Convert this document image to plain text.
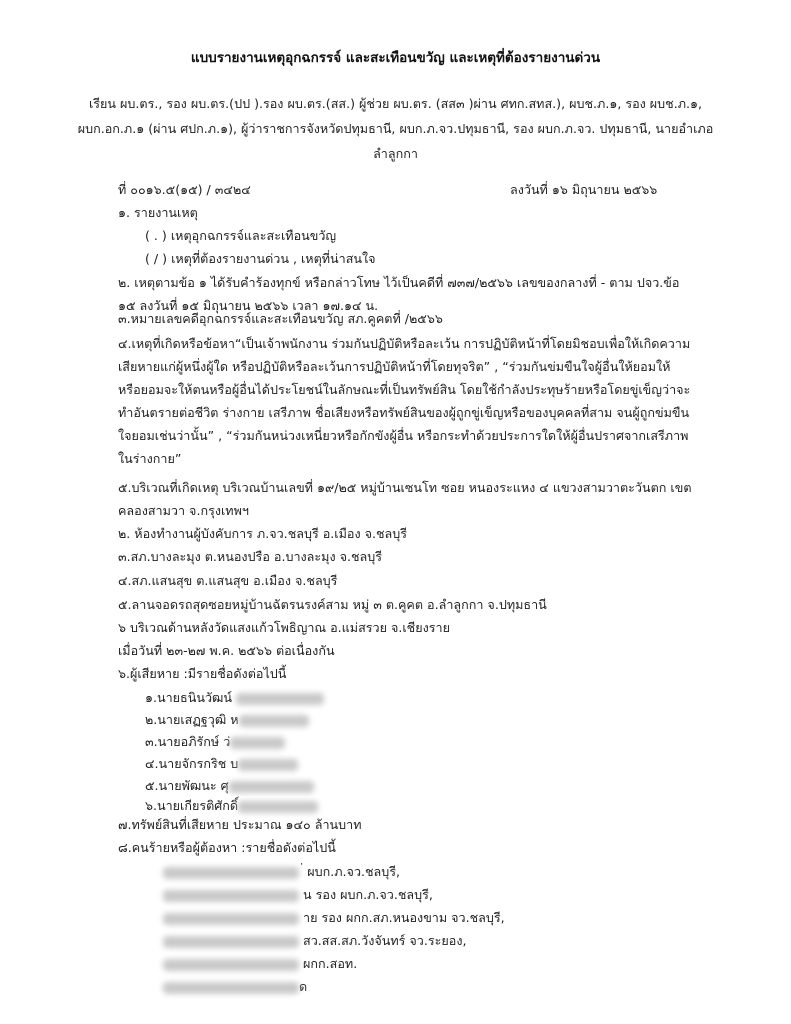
แบบรายงานเหตุอุกฉกรรจ์ และสะเทือนขวัญ และเหตุที่ต้องรายงานด่วน
เรียน ผบ.ตร., รอง ผบ.ตร.(ปป ).รอง ผบ.ตร.(สส.) ผู้ช่วย ผบ.ตร. (สส๓ )ผ่าน ศทก.สทส.), ผบช.ภ.๑, รอง ผบช.ภ.๑, ผบก.อก.ภ.๑ (ผ่าน ศปก.ภ.๑), ผู้ว่าราชการจังหวัดปทุมธานี, ผบก.ภ.จว.ปทุมธานี, รอง ผบก.ภ.จว. ปทุมธานี, นายอำเภอลำลูกกา
ที่ ๐๐๑๖.๕(๑๕) / ๓๔๒๔	ลงวันที่ ๑๖ มิถุนายน ๒๕๖๖
๑. รายงานเหตุ
( . ) เหตุอุกฉกรรจ์และสะเทือนขวัญ
( / ) เหตุที่ต้องรายงานด่วน , เหตุที่น่าสนใจ
๒. เหตุตามข้อ ๑ ได้รับคำร้องทุกข์ หรือกล่าวโทษ ไว้เป็นคดีที่ ๗๓๗/๒๕๖๖ เลขของกลางที่ - ตาม ปจว.ข้อ
๑๕ ลงวันที่ ๑๕ มิถุนายน ๒๕๖๖ เวลา ๑๗.๑๔ น.
๓.หมายเลขคดีอุกฉกรรจ์และสะเทือนขวัญ สภ.คูคตที่ /๒๕๖๖
๔.เหตุที่เกิดหรือข้อหา“เป็นเจ้าพนักงาน ร่วมกันปฏิบัติหรือละเว้น การปฏิบัติหน้าที่โดยมิชอบเพื่อให้เกิดความ
เสียหายแก่ผู้หนึ่งผู้ใด หรือปฏิบัติหรือละเว้นการปฏิบัติหน้าที่โดยทุจริต” , “ร่วมกันข่มขืนใจผู้อื่นให้ยอมให้
หรือยอมจะให้ตนหรือผู้อื่นได้ประโยชน์ในลักษณะที่เป็นทรัพย์สิน โดยใช้กำลังประทุษร้ายหรือโดยขู่เข็ญว่าจะ
ทำอันตรายต่อชีวิต ร่างกาย เสรีภาพ ชื่อเสียงหรือทรัพย์สินของผู้ถูกขู่เข็ญหรือของบุคคลที่สาม จนผู้ถูกข่มขืน
ใจยอมเช่นว่านั้น” , “ร่วมกันหน่วงเหนี่ยวหรือกักขังผู้อื่น หรือกระทำด้วยประการใดให้ผู้อื่นปราศจากเสรีภาพ
ในร่างกาย”
๕.บริเวณที่เกิดเหตุ บริเวณบ้านเลขที่ ๑๙/๒๕ หมู่บ้านเซนโท ซอย หนองระแหง ๔ แขวงสามวาตะวันตก เขต
คลองสามวา จ.กรุงเทพฯ
๒. ห้องทำงานผู้บังคับการ ภ.จว.ชลบุรี อ.เมือง จ.ชลบุรี
๓.สภ.บางละมุง ต.หนองปรือ อ.บางละมุง จ.ชลบุรี
๔.สภ.แสนสุข ต.แสนสุข อ.เมือง จ.ชลบุรี
๕.ลานจอดรถสุดซอยหมู่บ้านฉัตรนรงค์สาม หมู่ ๓ ต.คูคต อ.ลำลูกกา จ.ปทุมธานี
๖ บริเวณด้านหลังวัดแสงแก้วโพธิญาณ อ.แม่สรวย จ.เชียงราย
เมื่อวันที่ ๒๓-๒๗ พ.ค. ๒๕๖๖ ต่อเนื่องกัน
๖.ผู้เสียหาย :มีรายชื่อดังต่อไปนี้
๑.นายธนินวัฒน์
๒.นายเสฏฐวุฒิ ห
๓.นายอภิรักษ์ ว่
๔.นายจักรกริช บ
๕.นายพัฒนะ ศุ
๖.นายเกียรติศักดิ์
๗.ทรัพย์สินที่เสียหาย ประมาณ ๑๔๐ ล้านบาท
๘.คนร้ายหรือผู้ต้องหา :รายชื่อดังต่อไปนี้
่ ผบก.ภ.จว.ชลบุรี,
น รอง ผบก.ภ.จว.ชลบุรี,
าย รอง ผกก.สภ.หนองขาม จว.ชลบุรี,
สว.สส.สภ.วังจันทร์ จว.ระยอง,
ผกก.สอท.
ด
